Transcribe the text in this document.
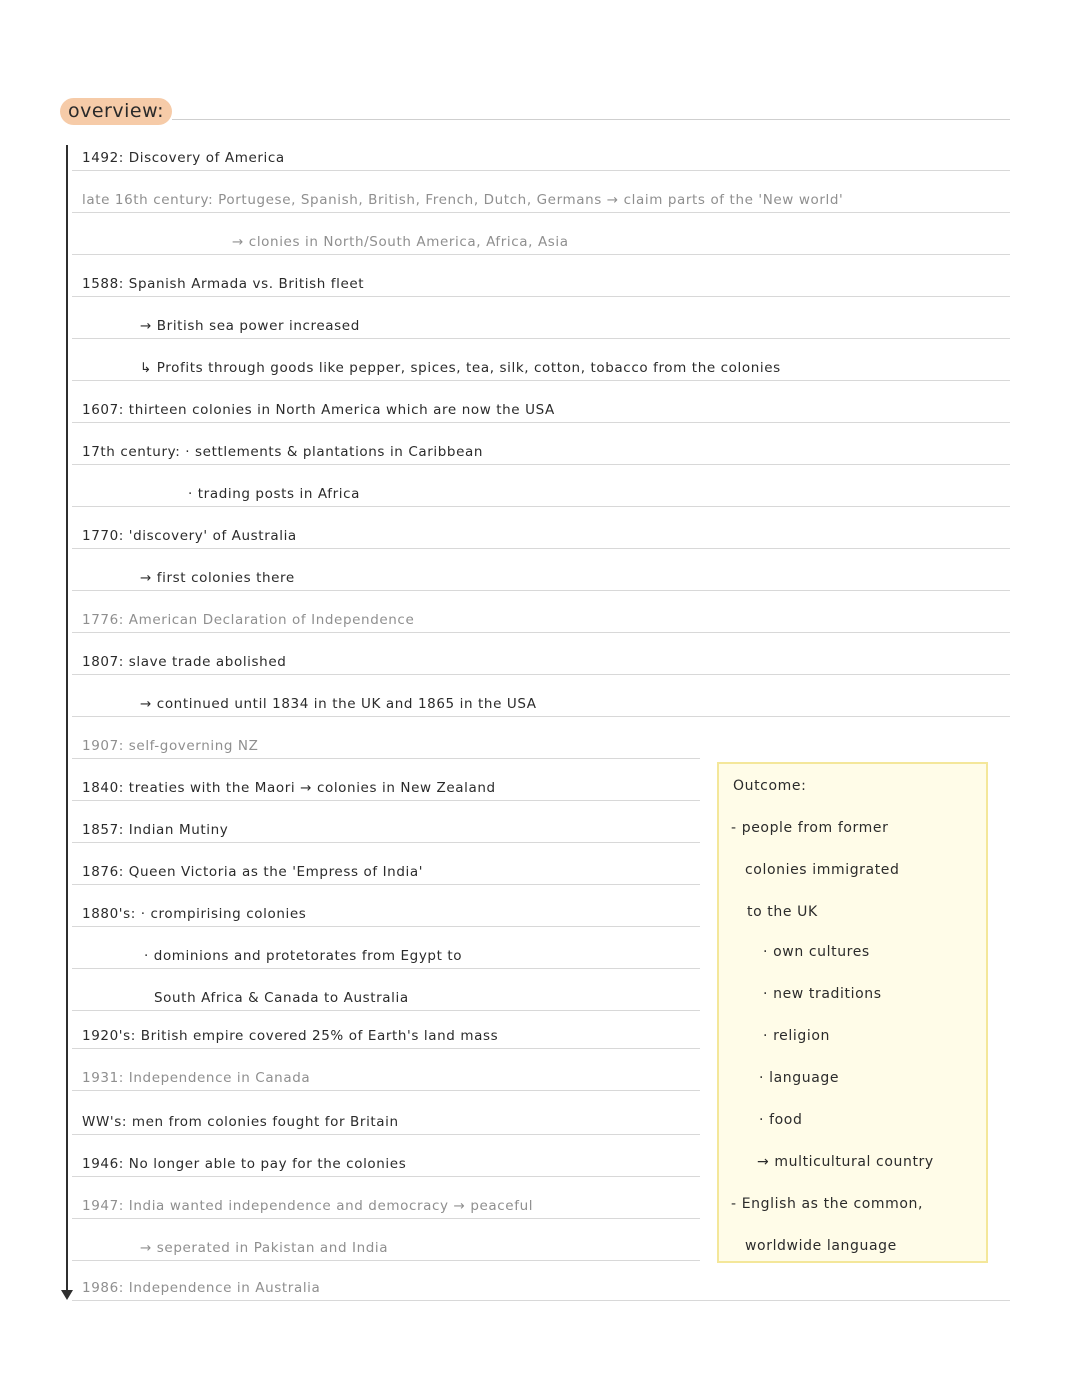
overview:
1492: Discovery of America
late 16th century: Portugese, Spanish, British, French, Dutch, Germans → claim parts of the 'New world'
→ clonies in North/South America, Africa, Asia
1588: Spanish Armada vs. British fleet
→ British sea power increased
↳ Profits through goods like pepper, spices, tea, silk, cotton, tobacco from the colonies
1607: thirteen colonies in North America which are now the USA
17th century: · settlements & plantations in Caribbean
· trading posts in Africa
1770: 'discovery' of Australia
→ first colonies there
1776: American Declaration of Independence
1807: slave trade abolished
→ continued until 1834 in the UK and 1865 in the USA
1907: self-governing NZ
1840: treaties with the Maori → colonies in New Zealand
1857: Indian Mutiny
1876: Queen Victoria as the 'Empress of India'
1880's: · crompirising colonies
· dominions and protetorates from Egypt to
South Africa & Canada to Australia
1920's: British empire covered 25% of Earth's land mass
1931: Independence in Canada
WW's: men from colonies fought for Britain
1946: No longer able to pay for the colonies
1947: India wanted independence and democracy → peaceful
→ seperated in Pakistan and India
1986: Independence in Australia
Outcome:
- people from former
colonies immigrated
to the UK
· own cultures
· new traditions
· religion
· language
· food
→ multicultural country
- English as the common,
worldwide language
